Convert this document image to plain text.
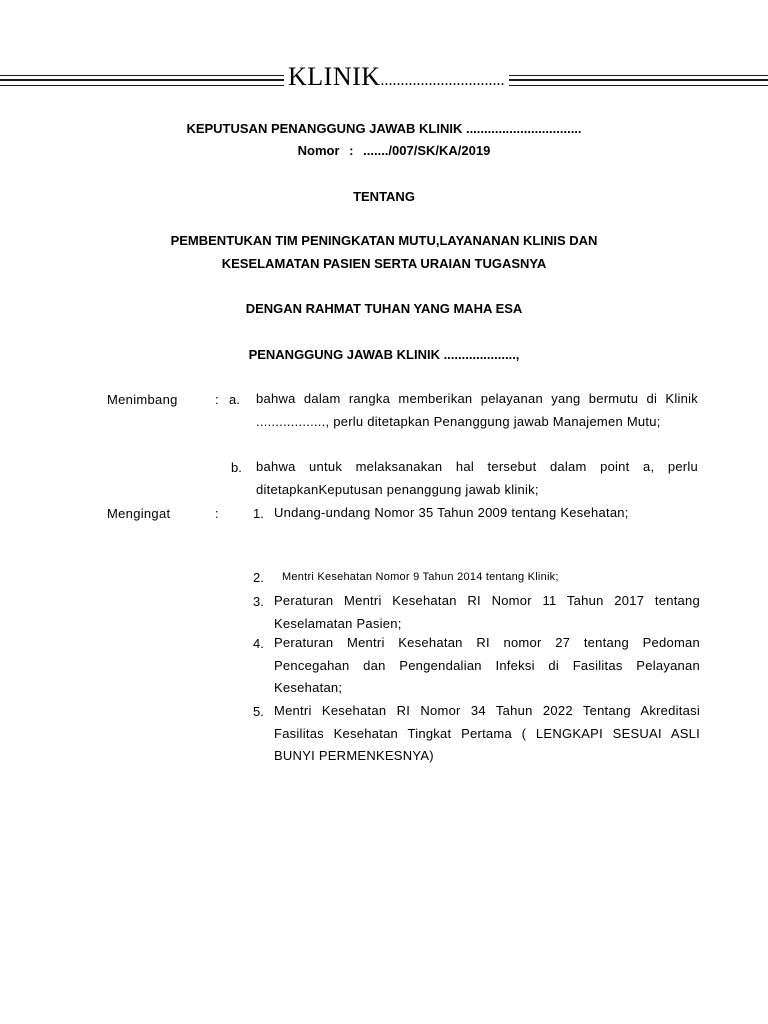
KLINIK...............................
KEPUTUSAN PENANGGUNG JAWAB KLINIK ................................
Nomor : ......./007/SK/KA/2019
TENTANG
PEMBENTUKAN TIM PENINGKATAN MUTU,LAYANANAN KLINIS DAN
KESELAMATAN PASIEN SERTA URAIAN TUGASNYA
DENGAN RAHMAT TUHAN YANG MAHA ESA
PENANGGUNG JAWAB KLINIK ....................,
Menimbang	: a. bahwa dalam rangka memberikan pelayanan yang bermutu di Klinik .................., perlu ditetapkan Penanggung jawab Manajemen Mutu;
b. bahwa untuk melaksanakan hal tersebut dalam point a, perlu ditetapkanKeputusan penanggung jawab klinik;
Mengingat	:	1. Undang-undang Nomor 35 Tahun 2009 tentang Kesehatan;
2. Mentri Kesehatan Nomor 9 Tahun 2014 tentang Klinik;
3. Peraturan Mentri Kesehatan RI Nomor 11 Tahun 2017 tentang Keselamatan Pasien;
4. Peraturan Mentri Kesehatan RI nomor 27 tentang Pedoman Pencegahan dan Pengendalian Infeksi di Fasilitas Pelayanan Kesehatan;
5. Mentri Kesehatan RI Nomor 34 Tahun 2022 Tentang Akreditasi Fasilitas Kesehatan Tingkat Pertama ( LENGKAPI SESUAI ASLI BUNYI PERMENKESNYA)
